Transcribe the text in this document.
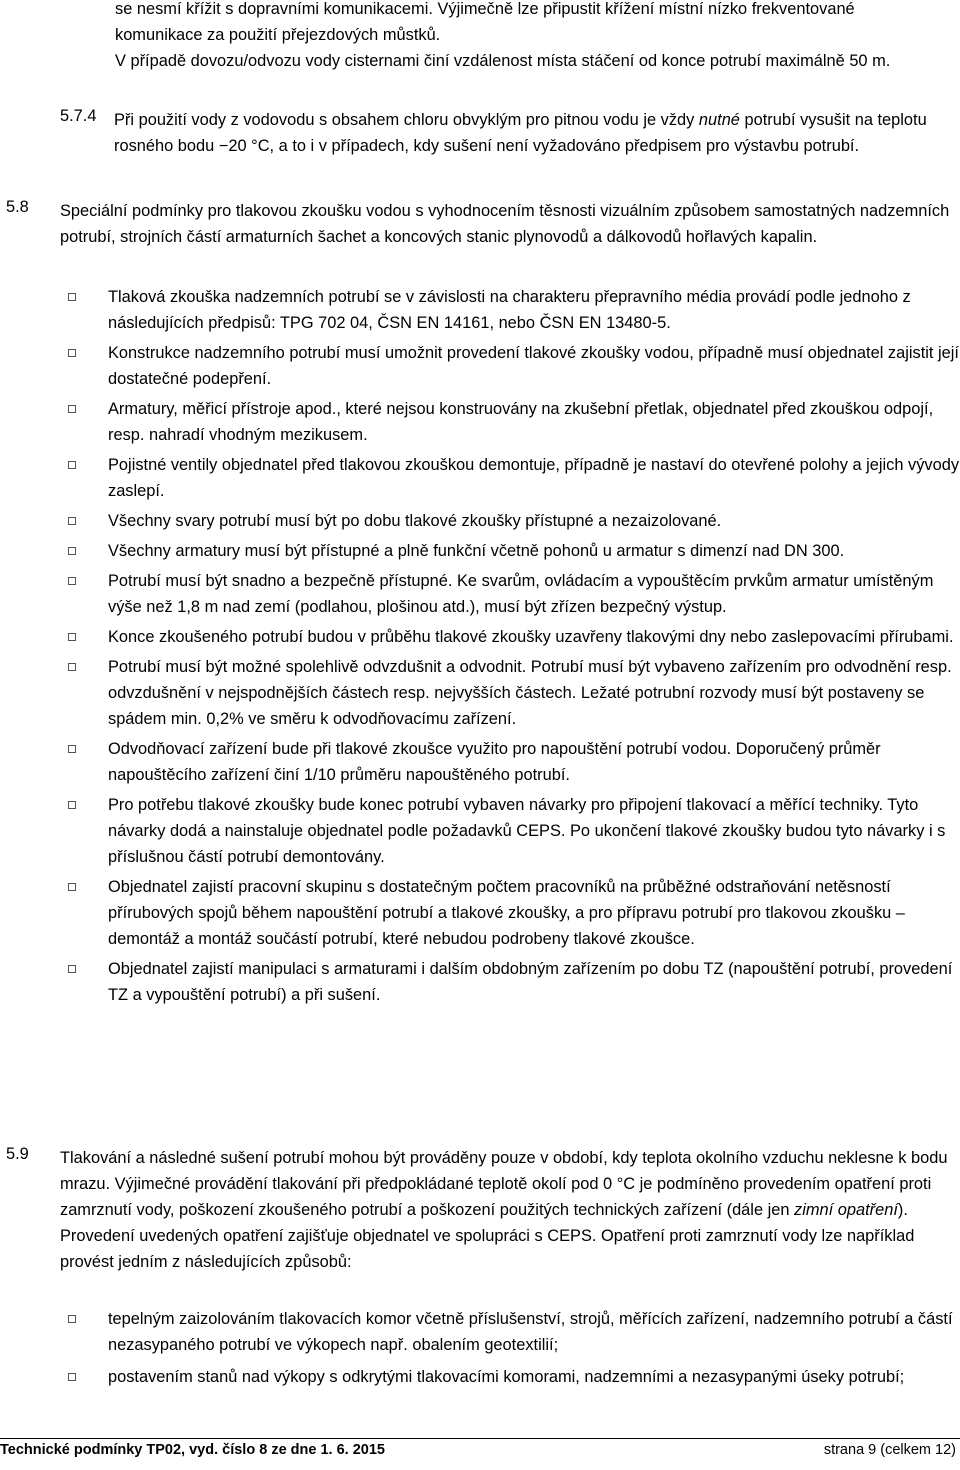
se nesmí křížit s dopravními komunikacemi. Výjimečně lze připustit křížení místní nízko frekventované komunikace za použití přejezdových můstků.

V případě dovozu/odvozu vody cisternami činí vzdálenost místa stáčení od konce potrubí maximálně 50 m.

5.7.4 Při použití vody z vodovodu s obsahem chloru obvyklým pro pitnou vodu je vždy nutné potrubí vysušit na teplotu rosného bodu −20 °C, a to i v případech, kdy sušení není vyžadováno předpisem pro výstavbu potrubí.

5.8 Speciální podmínky pro tlakovou zkoušku vodou s vyhodnocením těsnosti vizuálním způsobem samostatných nadzemních potrubí, strojních částí armaturních šachet a koncových stanic plynovodů a dálkovodů hořlavých kapalin.

Tlaková zkouška nadzemních potrubí se v závislosti na charakteru přepravního média provádí podle jednoho z následujících předpisů: TPG 702 04, ČSN EN 14161, nebo ČSN EN 13480-5.

Konstrukce nadzemního potrubí musí umožnit provedení tlakové zkoušky vodou, případně musí objednatel zajistit její dostatečné podepření.

Armatury, měřicí přístroje apod., které nejsou konstruovány na zkušební přetlak, objednatel před zkouškou odpojí, resp. nahradí vhodným mezikusem.

Pojistné ventily objednatel před tlakovou zkouškou demontuje, případně je nastaví do otevřené polohy a jejich vývody zaslepí.

Všechny svary potrubí musí být po dobu tlakové zkoušky přístupné a nezaizolované.

Všechny armatury musí být přístupné a plně funkční včetně pohonů u armatur s dimenzí nad DN 300.

Potrubí musí být snadno a bezpečně přístupné. Ke svarům, ovládacím a vypouštěcím prvkům armatur umístěným výše než 1,8 m nad zemí (podlahou, plošinou atd.), musí být zřízen bezpečný výstup.

Konce zkoušeného potrubí budou v průběhu tlakové zkoušky uzavřeny tlakovými dny nebo zaslepovacími přírubami.

Potrubí musí být možné spolehlivě odvzdušnit a odvodnit. Potrubí musí být vybaveno zařízením pro odvodnění resp. odvzdušnění v nejspodnějších částech resp. nejvyšších částech. Ležaté potrubní rozvody musí být postaveny se spádem min. 0,2% ve směru k odvodňovacímu zařízení.

Odvodňovací zařízení bude při tlakové zkoušce využito pro napouštění potrubí vodou. Doporučený průměr napouštěcího zařízení činí 1/10 průměru napouštěného potrubí.

Pro potřebu tlakové zkoušky bude konec potrubí vybaven návarky pro připojení tlakovací a měřící techniky. Tyto návarky dodá a nainstaluje objednatel podle požadavků CEPS. Po ukončení tlakové zkoušky budou tyto návarky i s příslušnou částí potrubí demontovány.

Objednatel zajistí pracovní skupinu s dostatečným počtem pracovníků na průběžné odstraňování netěsností přírubových spojů během napouštění potrubí a tlakové zkoušky, a pro přípravu potrubí pro tlakovou zkoušku – demontáž a montáž součástí potrubí, které nebudou podrobeny tlakové zkoušce.

Objednatel zajistí manipulaci s armaturami i dalším obdobným zařízením po dobu TZ (napouštění potrubí, provedení TZ a vypouštění potrubí) a při sušení.

5.9 Tlakování a následné sušení potrubí mohou být prováděny pouze v období, kdy teplota okolního vzduchu neklesne k bodu mrazu. Výjimečné provádění tlakování při předpokládané teplotě okolí pod 0 °C je podmíněno provedením opatření proti zamrznutí vody, poškození zkoušeného potrubí a poškození použitých technických zařízení (dále jen zimní opatření). Provedení uvedených opatření zajišťuje objednatel ve spolupráci s CEPS. Opatření proti zamrznutí vody lze například provést jedním z následujících způsobů:

tepelným zaizolováním tlakovacích komor včetně příslušenství, strojů, měřících zařízení, nadzemního potrubí a částí nezasypaného potrubí ve výkopech např. obalením geotextilií;

postavením stanů nad výkopy s odkrytými tlakovacími komorami, nadzemními a nezasypanými úseky potrubí;

Technické podmínky TP02, vyd. číslo 8 ze dne 1. 6. 2015	strana 9 (celkem 12)
